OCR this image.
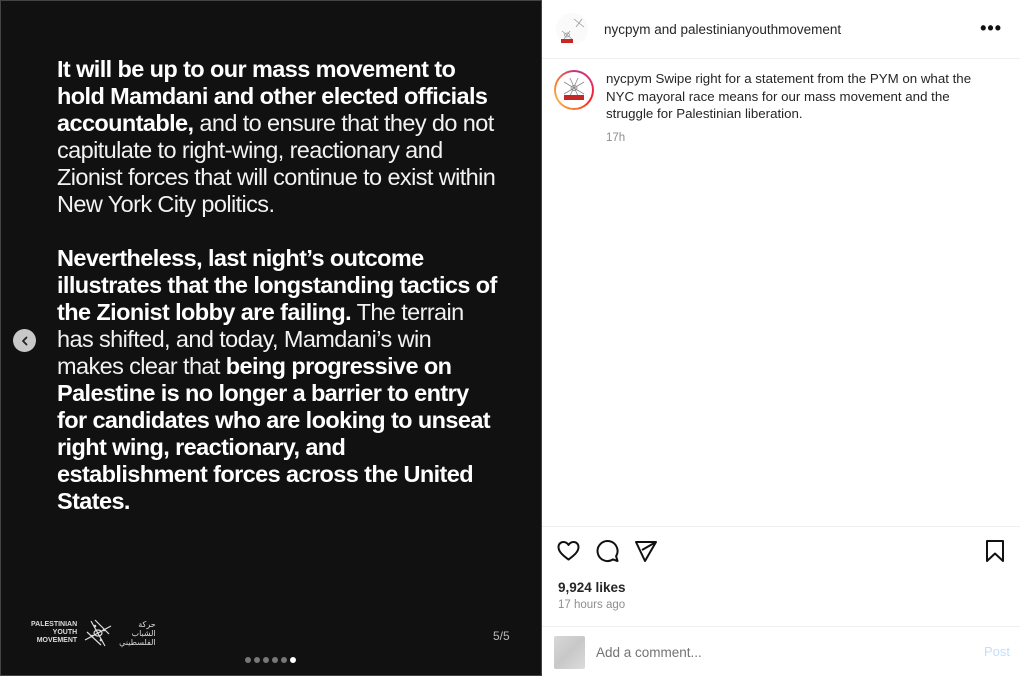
It will be up to our mass movement to hold Mamdani and other elected officials accountable, and to ensure that they do not capitulate to right-wing, reactionary and Zionist forces that will continue to exist within New York City politics.

Nevertheless, last night’s outcome illustrates that the longstanding tactics of the Zionist lobby are failing. The terrain has shifted, and today, Mamdani’s win makes clear that being progressive on Palestine is no longer a barrier to entry for candidates who are looking to unseat right wing, reactionary, and establishment forces across the United States.

PALESTINIAN
YOUTH
MOVEMENT
حركة
الشباب
الفلسطيني	5/5
nycpym and palestinianyouthmovement	•••
nycpym Swipe right for a statement from the PYM on what the NYC mayoral race means for our mass movement and the struggle for Palestinian liberation.
17h
9,924 likes
17 hours ago
Add a comment...
Post
